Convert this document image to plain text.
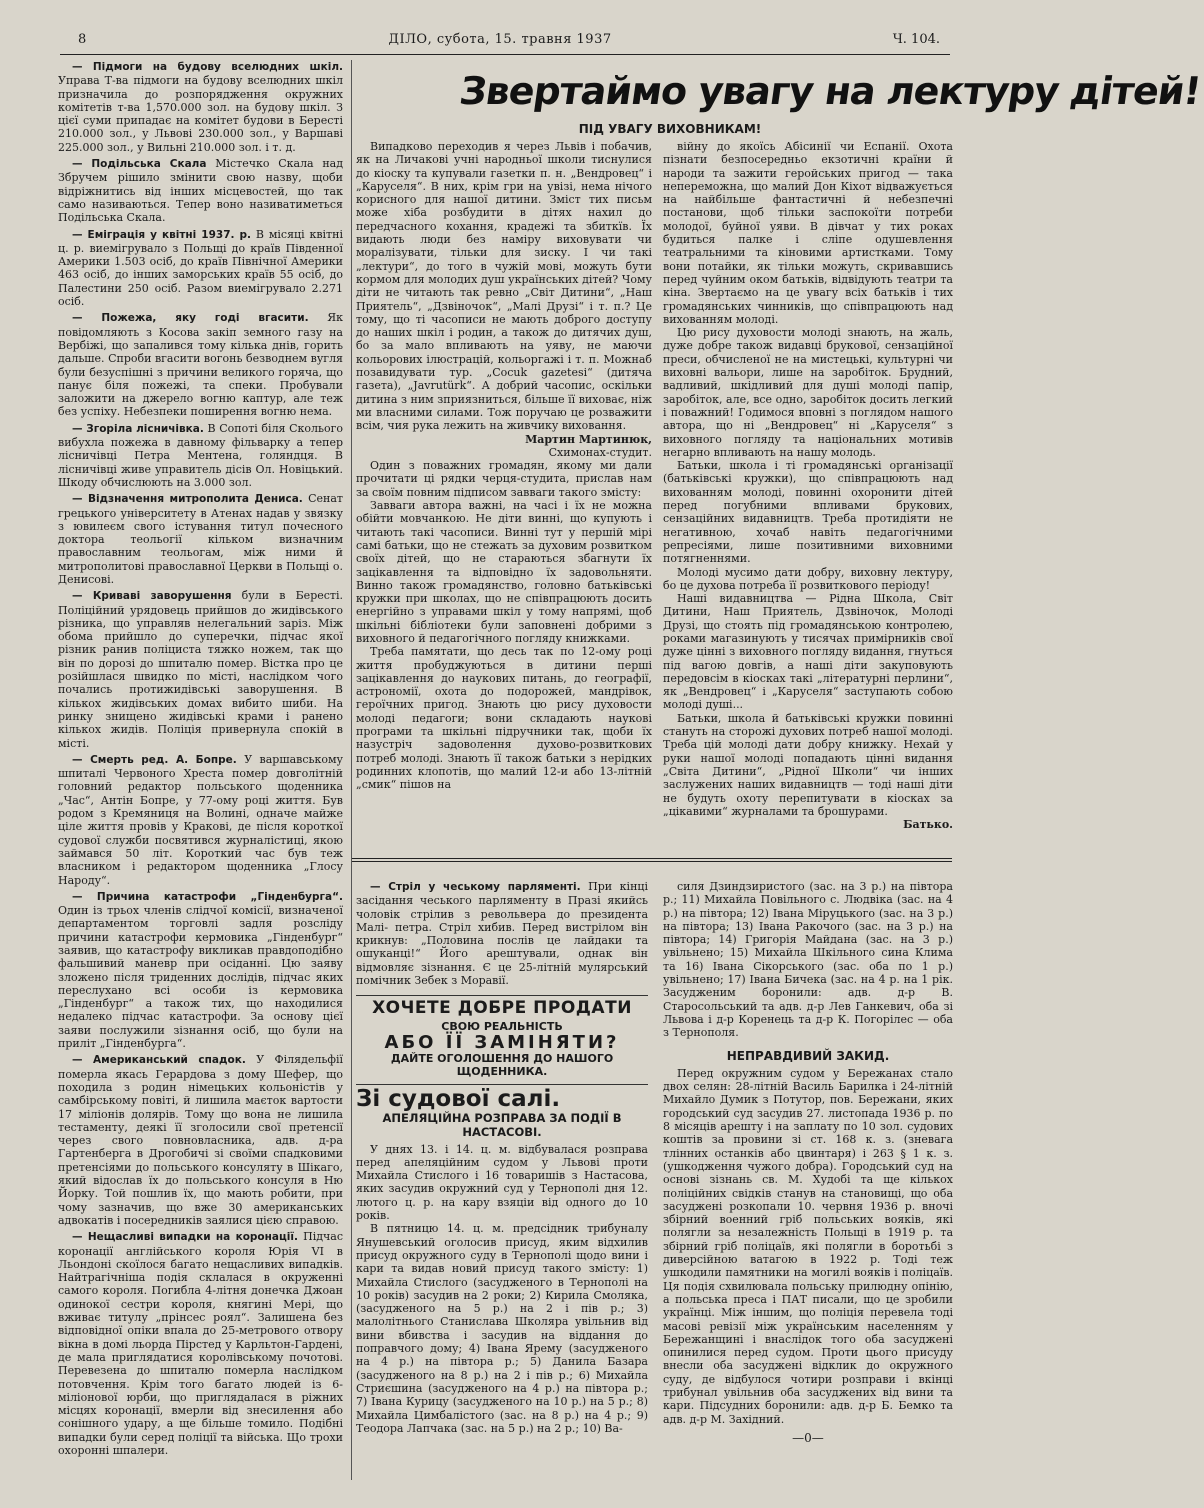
8	ДІЛО, субота, 15. травня 1937	Ч. 104.

— Підмоги на будову вселюдних шкіл. Управа Т-ва підмоги на будову вселюдних шкіл призначила до розпорядження окружних комітетів т-ва 1,570.000 зол. на будову шкіл. З цієї суми припадає на комітет будови в Бересті 210.000 зол., у Львові 230.000 зол., у Варшаві 225.000 зол., у Вильні 210.000 зол. і т. д.

— Подільська Скала Містечко Скала над Збручем рішило змінити свою назву, щоби відріжнитись від інших місцевостей, що так само називаються. Тепер воно називатиметься Подільська Скала.

— Еміграція у квітні 1937. р. В місяці квітні ц. р. виемігрувало з Польщі до країв Південної Америки 1.503 осіб, до країв Північної Америки 463 осіб, до інших заморських країв 55 осіб, до Палестини 250 осіб. Разом виемігрувало 2.271 осіб.

— Пожежа, яку годі вгасити. Як повідомляють з Косова закіп земного газу на Вербіжі, що запалився тому кілька днів, горить дальше. Спроби вгасити вогонь безводнем вугля були безуспішні з причини великого горяча, що панує біля пожежі, та спеки. Пробували заложити на джерело вогню каптур, але теж без успіху. Небезпеки поширення вогню нема.

— Згоріла лісничівка. В Сопоті біля Сколього вибухла пожежа в давному фільварку а тепер лісничівці Петра Ментена, голяндця. В лісничівці живе управитель дісів Ол. Новіцький. Шкоду обчислюють на 3.000 зол.

— Відзначення митрополита Дениса. Сенат грецького університету в Атенах надав у звязку з ювилеєм свого істування титул почесного доктора теольогії кільком визначним православним теольогам, між ними й митрополитові православної Церкви в Польщі о. Денисові.

— Криваві заворушення були в Бересті. Поліційний урядовець прийшов до жидівського різника, що управляв нелегальний заріз. Між обома прийшло до суперечки, підчас якої різник ранив поліциста тяжко ножем, так що він по дорозі до шпиталю помер. Вістка про це розійшлася швидко по місті, наслідком чого почались протижидівські заворушення. В кількох жидівських домах вибито шиби. На ринку знищено жидівські крами і ранено кількох жидів. Поліція привернула спокій в місті.

— Смерть ред. А. Бопре. У варшавському шпиталі Червоного Хреста помер довголітній головний редактор польського щоденника „Час“, Антін Бопре, у 77-ому році життя. Був родом з Кремяниця на Волині, одначе майже ціле життя провів у Кракові, де після короткої судової служби посвятився журналістиці, якою займався 50 літ. Короткий час був теж власником і редактором щоденника „Глосу Народу“.

— Причина катастрофи „Гінденбурга“. Один із трьох членів слідчої комісії, визначеної департаментом торговлі задля розсліду причини катастрофи кермовика „Гінденбург“ заявив, що катастрофу викликав правдоподібно фальшивий маневр при осіданні. Цю заяву зложено після триденних дослідів, підчас яких переслухано всі особи із кермовика „Гінденбург“ а також тих, що находилися недалеко підчас катастрофи. За основу цієї заяви послужили зізнання осіб, що були на приліт „Гінденбурга“.

— Американський спадок. У Філядельфії померла якась Герардова з дому Шефер, що походила з родин німецьких кольоністів у самбірському повіті, й лишила маєток вартости 17 міліонів долярів. Тому що вона не лишила тестаменту, деякі її зголосили свої претенсії через свого повновласника, адв. д-ра Гартенберга в Дрогобичі зі своїми спадковими претенсіями до польського консуляту в Шікаго, який відослав їх до польського консуля в Ню Йорку. Той пошлив їх, що мають робити, при чому зазначив, що вже 30 американських адвокатів і посередників заялися цією справою.

— Нещасливі випадки на коронації. Підчас коронації англійського короля Юрія VI в Льондоні скоїлося багато нещасливих випадків. Найтрагічніша подія склалася в окруженні самого короля. Погибла 4-літня донечка Джоан одинокої сестри короля, княгині Мері, що вживає титулу „прінсес роял“. Залишена без відповідної опіки впала до 25-метрового отвору вікна в домі льорда Пірстед у Карльтон-Гардені, де мала приглядатися королівському почотові. Перевезена до шпиталю померла наслідком потовчення. Крім того багато людей із 6-міліонової юрби, що приглядалася в ріжних місцях коронації, вмерли від знесилення або сонішного удару, а ще більше томило. Подібні випадки були серед поліції та війська. Що трохи охоронні шпалери.

Звертаймо увагу на лектуру дітей!
ПІД УВАГУ ВИХОВНИКАМ!

Випадково переходив я через Львів і побачив, як на Личакові учні народньої школи тиснулися до кіоску та купували газетки п. н. „Вендровец“ і „Каруселя“. В них, крім гри на увізі, нема нічого корисного для нашої дитини. Зміст тих письм може хіба розбудити в дітях нахил до передчасного кохання, крадежі та збиткїв. Їх видають люди без наміру виховувати чи моралізувати, тільки для зиску. І чи такі „лектури“, до того в чужій мові, можуть бути кормом для молодих душ українських дітей? Чому діти не читають так ревно „Світ Дитини“, „Наш Приятель“, „Дзвіночок“, „Малі Друзі“ і т. п.? Це тому, що ті часописи не мають доброго доступу до наших шкіл і родин, а також до дитячих душ, бо за мало впливають на уяву, не маючи кольорових ілюстрацій, кольоргажі і т. п. Можнаб позавидувати тур. „Cocuk gazetesi“ (дитяча газета), „Javrutürk“. А добрий часопис, оскільки дитина з ним зприязниться, більше її виховає, ніж ми власними силами. Тож поручаю це розважити всім, чия рука лежить на живчику виховання.

Мартин Мартинюк,

Схимонах-студит.

Один з поважних громадян, якому ми дали прочитати ці рядки черця-студита, прислав нам за своїм повним підписом завваги такого змісту:

Завваги автора важні, на часі і їх не можна обійти мовчанкою. Не діти винні, що купують і читають такі часописи. Винні тут у першій мірі самі батьки, що не стежать за духовим розвитком своїх дітей, що не стараються збагнути їх зацікавлення та відповідно їх задовольняти. Винно також громадянство, головно батьківські кружки при школах, що не співпрацюють досить енергійно з управами шкіл у тому напрямі, щоб шкільні бібліотеки були заповнені добрими з виховного й педагогічного погляду книжками.

Треба памятати, що десь так по 12-ому році життя пробуджуються в дитини перші зацікавлення до наукових питань, до географії, астрономії, охота до подорожей, мандрівок, героїчних пригод. Знають цю рису духовости молоді педагоги; вони складають наукові програми та шкільні підручники так, щоби їх назустріч задоволення духово-розвиткових потреб молоді. Знають її також батьки з нерідких родинних клопотів, що малий 12-и або 13-літній „смик“ пішов на

війну до якоїсь Абісинії чи Еспанії. Охота пізнати безпосередньо екзотичні країни й народи та зажити геройських пригод — така непереможна, що малий Дон Кіхот відважується на найбільше фантастичні й небезпечні постанови, щоб тільки заспокоїти потреби молодої, буйної уяви. В дівчат у тих роках будиться палке і сліпе одушевлення театральними та кіновими артистками. Тому вони потайки, як тільки можуть, скривавшись перед чуйним оком батьків, відвідують театри та кіна. Звертаємо на це увагу всіх батьків і тих громадянських чинників, що співпрацюють над вихованням молоді.

Цю рису духовости молоді знають, на жаль, дуже добре також видавці брукової, сензаційної преси, обчисленої не на мистецькі, культурні чи виховні вальори, лише на заробіток. Брудний, вадливий, шкідливий для душі молоді папір, заробіток, але, все одно, заробіток досить легкий і поважний! Годимося вповні з поглядом нашого автора, що ні „Вендровец“ ні „Каруселя“ з виховного погляду та національних мотивів негарно впливають на нашу молодь.

Батьки, школа і ті громадянські організації (батьківські кружки), що співпрацюють над вихованням молоді, повинні охоронити дітей перед погубними впливами брукових, сензаційних видавництв. Треба протидіяти не негативною, хочаб навіть педагогічними репресіями, лише позитивними виховними потягненнями.

Молоді мусимо дати добру, виховну лектуру, бо це духова потреба її розвиткового періоду!

Наші видавництва — Рідна Школа, Світ Дитини, Наш Приятель, Дзвіночок, Молоді Друзі, що стоять під громадянською контролею, роками магазинують у тисячах примірників свої дуже цінні з виховного погляду видання, гнуться під вагою довгів, а наші діти закуповують передовсім в кіосках такі „літературні перлини“, як „Вендровец“ і „Каруселя“ заступають собою молоді душі...

Батьки, школа й батьківські кружки повинні стануть на сторожі духових потреб нашої молоді. Треба цій молоді дати добру книжку. Нехай у руки нашої молоді попадають цінні видання „Світа Дитини“, „Рідної Школи“ чи інших заслужених наших видавництв — тоді наші діти не будуть охоту перепитувати в кіосках за „цікавими“ журналами та брошурами.

Батько.

— Стріл у чеському парляменті. При кінці засідання чеського парляменту в Празі якийсь чоловік стрілив з револьвера до президента Малі- петра. Стріл хибив. Перед вистрілом він крикнув: „Половина послів це лайдаки та ошуканці!“ Його арештували, однак він відмовляє зізнання. Є це 25-літній мулярський помічник Зебек з Моравії.

ХОЧЕТЕ ДОБРЕ ПРОДАТИ
СВОЮ РЕАЛЬНІСТЬ
АБО ЇЇ ЗАМІНЯТИ?
ДАЙТЕ ОГОЛОШЕННЯ ДО НАШОГО ЩОДЕННИКА.
Зі судової салі.
АПЕЛЯЦІЙНА РОЗПРАВА ЗА ПОДІЇ В НАСТАСОВІ.

У днях 13. і 14. ц. м. відбувалася розправа перед апеляційним судом у Львові проти Михайла Стислого і 16 товаришів з Настасова, яких засудив окружний суд у Тернополі дня 12. лютого ц. р. на кару взяціи від одного до 10 років.

В пятницю 14. ц. м. предсідник трибуналу Янушевський оголосив присуд, яким відхилив присуд окружного суду в Тернополі щодо вини і кари та видав новий присуд такого змісту: 1) Михайла Стислого (засудженого в Тернополі на 10 років) засудив на 2 роки; 2) Кирила Смоляка, (засудженого на 5 р.) на 2 і пів р.; 3) малолітнього Станислава Школяра увільнив від вини вбивства і засудив на віддання до поправчого дому; 4) Івана Ярему (засудженого на 4 р.) на півтора р.; 5) Данила Базара (засудженого на 8 р.) на 2 і пів р.; 6) Михайла Стриєшина (засудженого на 4 р.) на півтора р.; 7) Івана Курицу (засудженого на 10 р.) на 5 р.; 8) Михайла Цимбалістого (зас. на 8 р.) на 4 р.; 9) Теодора Лапчака (зас. на 5 р.) на 2 р.; 10) Ва-

силя Дзиндзиристого (зас. на 3 р.) на півтора р.; 11) Михайла Повільного с. Людвіка (зас. на 4 р.) на півтора; 12) Івана Міруцького (зас. на 3 р.) на півтора; 13) Івана Ракочого (зас. на 3 р.) на півтора; 14) Григорія Майдана (зас. на 3 р.) увільнено; 15) Михайла Шкільного сина Клима та 16) Івана Сікорського (зас. оба по 1 р.) увільнено; 17) Івана Бичека (зас. на 4 р. на 1 рік. Засудженим боронили: адв. д-р В. Старосольський та адв. д-р Лев Ганкевич, оба зі Львова і д-р Коренець та д-р К. Погорілес — оба з Тернополя.

НЕПРАВДИВИЙ ЗАКИД.

Перед окружним судом у Бережанах стало двох селян: 28-літній Василь Барилка і 24-літній Михайло Думик з Потутор, пов. Бережани, яких городський суд засудив 27. листопада 1936 р. по 8 місяців арешту і на заплату по 10 зол. судових коштів за провини зі ст. 168 к. з. (зневага тлінних останків або цвинтаря) і 263 § 1 к. з. (ушкодження чужого добра). Городський суд на основі зізнань св. М. Худобі та ще кількох поліційних свідків станув на становищі, що оба засуджені розкопали 10. червня 1936 р. вночі збірний военний гріб польських вояків, які полягли за незалежність Польщі в 1919 р. та збірний гріб поліцаїв, які полягли в боротьбі з диверсійною ватагою в 1922 р. Тоді теж ушкодили памятники на могилі вояків і поліцаїв. Ця подія схвилювала польську прилюдну опінію, а польська преса і ПАТ писали, що це зробили українці. Між іншим, що поліція перевела тоді масові ревізії між українським населенням у Бережанщині і внаслідок того оба засуджені опинилися перед судом. Проти цього присуду внесли оба засуджені відклик до окружного суду, де відбулося чотири розправи і вкінці трибунал увільнив оба засуджених від вини та кари. Підсудних боронили: адв. д-р Б. Бемко та адв. д-р М. Західний.

—0—
